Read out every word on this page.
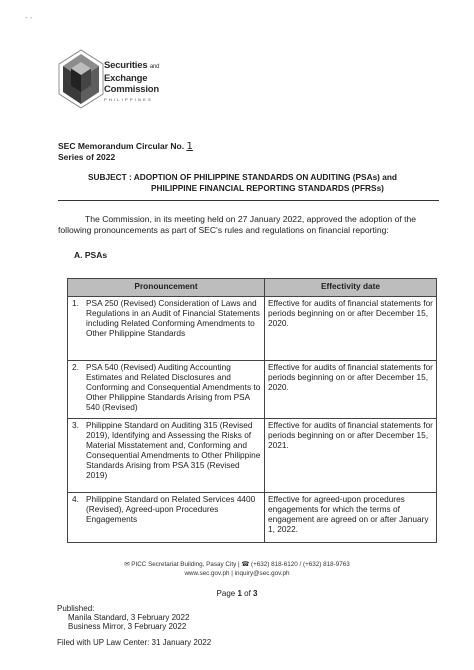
- -
Securities and
Exchange
Commission
PHILIPPINES
SEC Memorandum Circular No. 1
Series of 2022
SUBJECT : ADOPTION OF PHILIPPINE STANDARDS ON AUDITING (PSAs) and
PHILIPPINE FINANCIAL REPORTING STANDARDS (PFRSs)
The Commission, in its meeting held on 27 January 2022, approved the adoption of the
following pronouncements as part of SEC's rules and regulations on financial reporting:
A. PSAs
Pronouncement		Effectivity date
1.	PSA 250 (Revised) Consideration of Laws and Regulations in an Audit of Financial Statements including Related Conforming Amendments to Other Philippine Standards	Effective for audits of financial statements for periods beginning on or after December 15, 2020.
2.	PSA 540 (Revised) Auditing Accounting Estimates and Related Disclosures and Conforming and Consequential Amendments to Other Philippine Standards Arising from PSA 540 (Revised)	Effective for audits of financial statements for periods beginning on or after December 15, 2020.
3.	Philippine Standard on Auditing 315 (Revised 2019), Identifying and Assessing the Risks of Material Misstatement and, Conforming and Consequential Amendments to Other Philippine Standards Arising from PSA 315 (Revised 2019)	Effective for audits of financial statements for periods beginning on or after December 15, 2021.
4.	Philippine Standard on Related Services 4400 (Revised), Agreed-upon Procedures Engagements	Effective for agreed-upon procedures engagements for which the terms of engagement are agreed on or after January 1, 2022.
✉ PICC Secretariat Building, Pasay City | ☎ (+632) 818-6120 / (+632) 818-9763
www.sec.gov.ph | inquiry@sec.gov.ph
Page 1 of 3
Published:
Manila Standard, 3 February 2022
Business Mirror, 3 February 2022
Filed with UP Law Center: 31 January 2022
